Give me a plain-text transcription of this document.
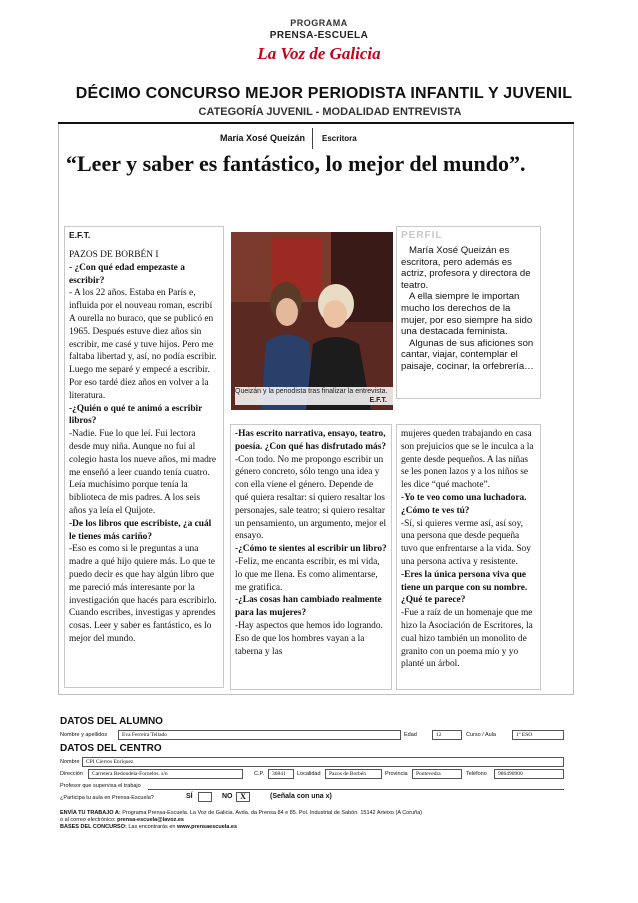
PROGRAMA
PRENSA-ESCUELA
La Voz de Galicia
DÉCIMO CONCURSO MEJOR PERIODISTA INFANTIL Y JUVENIL
CATEGORÍA JUVENIL - MODALIDAD ENTREVISTA
María Xosé Queizán Escritora
“Leer y saber es fantástico, lo mejor del mundo”.
E.F.T.
PAZOS DE BORBÉN I
- ¿Con qué edad empezaste a escribir?
- A los 22 años. Estaba en París e, influida por el nouveau roman, escribí A ourella no buraco, que se publicó en 1965. Después estuve diez años sin escribir, me casé y tuve hijos. Pero me faltaba libertad y, así, no podía escribir. Luego me separé y empecé a escribir. Por eso tardé diez años en volver a la literatura.
-¿Quién o qué te animó a escribir libros?
-Nadie. Fue lo que leí. Fui lectora desde muy niña. Aunque no fui al colegio hasta los nueve años, mi madre me enseñó a leer cuando tenía cuatro. Leía muchísimo porque tenía la biblioteca de mis padres. A los seis años ya leía el Quijote.
-De los libros que escribiste, ¿a cuál le tienes más cariño?
-Eso es como si le preguntas a una madre a qué hijo quiere más. Lo que te puedo decir es que hay algún libro que me pareció más interesante por la investigación que hacés para escribirlo. Cuando escribes, investigas y aprendes cosas. Leer y saber es fantástico, es lo mejor del mundo.
Queizán y la periodista tras finalizar la entrevista.
E.F.T.
PERFIL
María Xosé Queizán es escritora, pero además es actriz, profesora y directora de teatro.
A ella siempre le importan mucho los derechos de la mujer, por eso siempre ha sido una destacada feminista.
Algunas de sus aficiones son cantar, viajar, contemplar el paisaje, cocinar, la orfebrería…
-Has escrito narrativa, ensayo, teatro, poesía. ¿Con qué has disfrutado más?
-Con todo. No me propongo escribir un género concreto, sólo tengo una idea y con ella viene el género. Depende de qué quiera resaltar: si quiero resaltar los personajes, sale teatro; si quiero resaltar un pensamiento, un argumento, mejor el ensayo.
-¿Cómo te sientes al escribir un libro?
-Feliz, me encanta escribir, es mi vida, lo que me llena. Es como alimentarse, me gratifica.
-¿Las cosas han cambiado realmente para las mujeres?
-Hay aspectos que hemos ido logrando. Eso de que los hombres vayan a la taberna y las
mujeres queden trabajando en casa son prejuicios que se le inculca a la gente desde pequeños. A las niñas se les ponen lazos y a los niños se les dice “qué machote”.
-Yo te veo como una luchadora. ¿Cómo te ves tú?
-Sí, si quieres verme así, así soy, una persona que desde pequeña tuvo que enfrentarse a la vida. Soy una persona activa y resistente.
-Eres la única persona viva que tiene un parque con su nombre. ¿Qué te parece?
-Fue a raíz de un homenaje que me hizo la Asociación de Escritores, la cual hizo también un monolito de granito con un poema mío y yo planté un árbol.
DATOS DEL ALUMNO
Nombre y apellidos	Eva Ferreira Tellado	Edad	12	Curso / Aula	1º ESO
DATOS DEL CENTRO
Nombre	CPI Cierros Enríquez
Dirección	Carretera Redondela-Fornelos. s/n	C.P.	36841	Localidad	Pazos de Borbén	Provincia	Pontevedra	Teléfono	986490900
Profesor que supervisa el trabajo
¿Participa tu aula en Prensa-Escuela?	SÍ	NO X	(Señala con una x)
ENVÍA TU TRABAJO A: Programa Prensa-Escuela. La Voz de Galicia. Avda. da Prensa 84 e 85. Pol. Industrial de Sabón. 15142 Arteixo (A Coruña)
o al correo electrónico: prensa-escuela@lavoz.es
BASES DEL CONCURSO: Las encontrarás en www.prensaescuela.es
